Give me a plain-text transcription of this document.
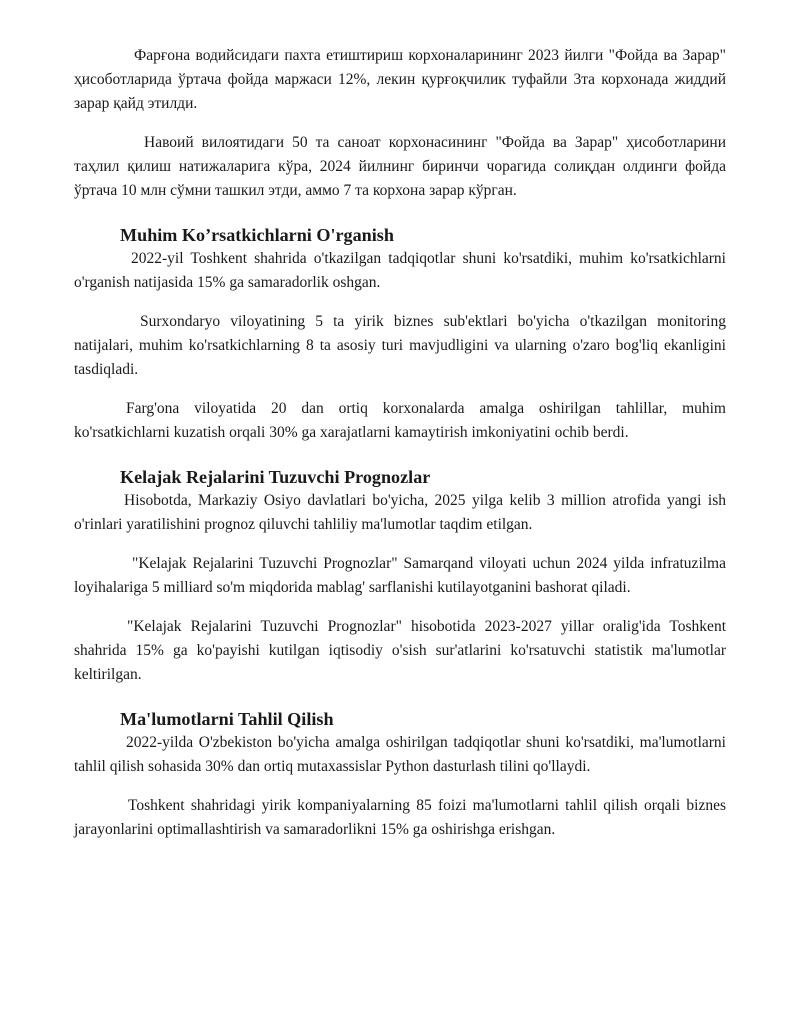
Фарғона водийсидаги пахта етиштириш корхоналарининг 2023 йилги "Фойда ва Зарар" ҳисоботларида ўртача фойда маржаси 12%, лекин қурғоқчилик туфайли 3та корхонада жиддий зарар қайд этилди.

Навоий вилоятидаги 50 та саноат корхонасининг "Фойда ва Зарар" ҳисоботларини таҳлил қилиш натижаларига кўра, 2024 йилнинг биринчи чорагида солиқдан олдинги фойда ўртача 10 млн сўмни ташкил этди, аммо 7 та корхона зарар кўрган.

Muhim Ko’rsatkichlarni O'rganish

2022-yil Toshkent shahrida o'tkazilgan tadqiqotlar shuni ko'rsatdiki, muhim ko'rsatkichlarni o'rganish natijasida 15% ga samaradorlik oshgan.

Surxondaryo viloyatining 5 ta yirik biznes sub'ektlari bo'yicha o'tkazilgan monitoring natijalari, muhim ko'rsatkichlarning 8 ta asosiy turi mavjudligini va ularning o'zaro bog'liq ekanligini tasdiqladi.

Farg'ona viloyatida 20 dan ortiq korxonalarda amalga oshirilgan tahlillar, muhim ko'rsatkichlarni kuzatish orqali 30% ga xarajatlarni kamaytirish imkoniyatini ochib berdi.

Kelajak Rejalarini Tuzuvchi Prognozlar

Hisobotda, Markaziy Osiyo davlatlari bo'yicha, 2025 yilga kelib 3 million atrofida yangi ish o'rinlari yaratilishini prognoz qiluvchi tahliliy ma'lumotlar taqdim etilgan.

"Kelajak Rejalarini Tuzuvchi Prognozlar" Samarqand viloyati uchun 2024 yilda infratuzilma loyihalariga 5 milliard so'm miqdorida mablag' sarflanishi kutilayotganini bashorat qiladi.

"Kelajak Rejalarini Tuzuvchi Prognozlar" hisobotida 2023-2027 yillar oralig'ida Toshkent shahrida 15% ga ko'payishi kutilgan iqtisodiy o'sish sur'atlarini ko'rsatuvchi statistik ma'lumotlar keltirilgan.

Ma'lumotlarni Tahlil Qilish

2022-yilda O'zbekiston bo'yicha amalga oshirilgan tadqiqotlar shuni ko'rsatdiki, ma'lumotlarni tahlil qilish sohasida 30% dan ortiq mutaxassislar Python dasturlash tilini qo'llaydi.

Toshkent shahridagi yirik kompaniyalarning 85 foizi ma'lumotlarni tahlil qilish orqali biznes jarayonlarini optimallashtirish va samaradorlikni 15% ga oshirishga erishgan.
